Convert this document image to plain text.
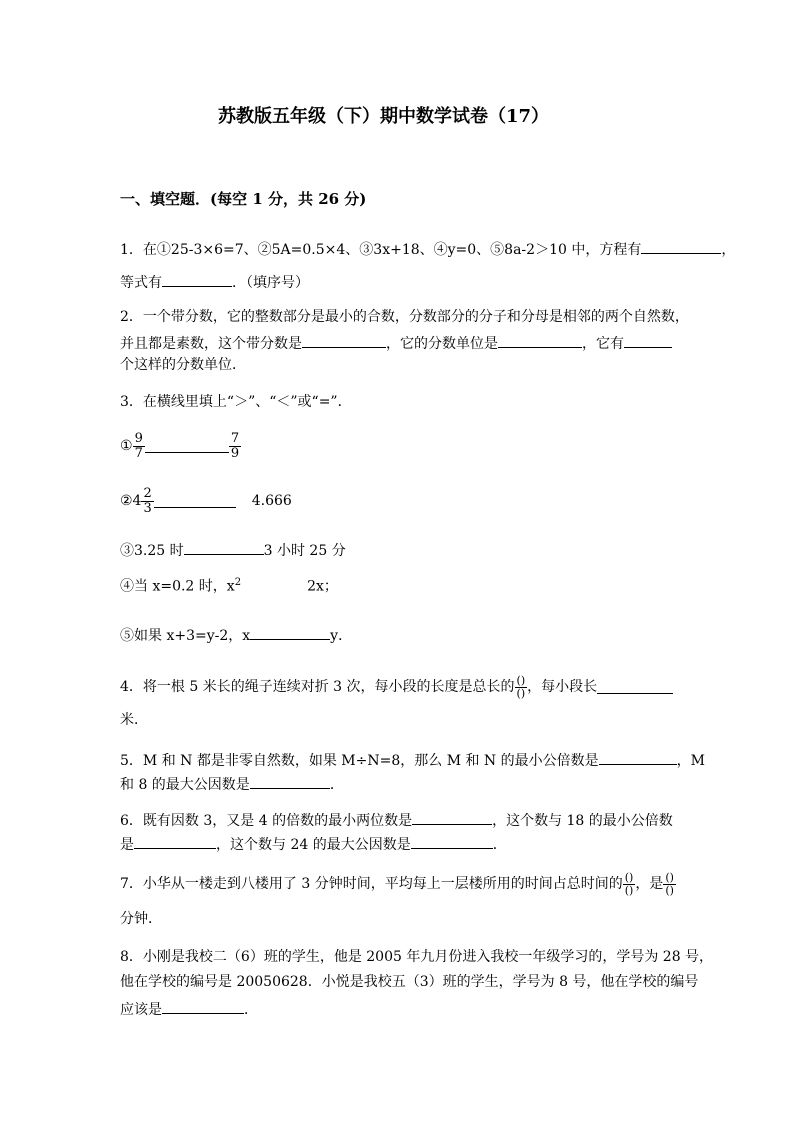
苏教版五年级（下）期中数学试卷（17）
一、填空题．(每空 1 分，共 26 分)
1．在①25-3×6=7、②5A=0.5×4、③3x+18、④y=0、⑤8a-2＞10 中，方程有	，
等式有	．（填序号）
2．一个带分数，它的整数部分是最小的合数，分数部分的分子和分母是相邻的两个自然数，
并且都是素数，这个带分数是	，它的分数单位是	，它有
个这样的分数单位．
3．在横线里填上“＞”、“＜”或“=”．
① $\frac{9}{7}$	$\frac{7}{9}$
②4 $\frac{2}{3}$	4.666
③3.25 时	3 小时 25 分
④当 x=0.2 时，$x^2$	2x；
⑤如果 x+3=y-2，x	y．
4．将一根 5 米长的绳子连续对折 3 次，每小段的长度是总长的 $\frac{()}{()}$ ，每小段长
米．
5．M 和 N 都是非零自然数，如果 M÷N=8，那么 M 和 N 的最小公倍数是	，M
和 8 的最大公因数是	．
6．既有因数 3，又是 4 的倍数的最小两位数是	，这个数与 18 的最小公倍数
是	，这个数与 24 的最大公因数是	．
7．小华从一楼走到八楼用了 3 分钟时间，平均每上一层楼所用的时间占总时间的 $\frac{()}{()}$ ，是 $\frac{()}{()}$
分钟．
8．小刚是我校二（6）班的学生，他是 2005 年九月份进入我校一年级学习的，学号为 28 号，
他在学校的编号是 20050628．小悦是我校五（3）班的学生，学号为 8 号，他在学校的编号
应该是	．
